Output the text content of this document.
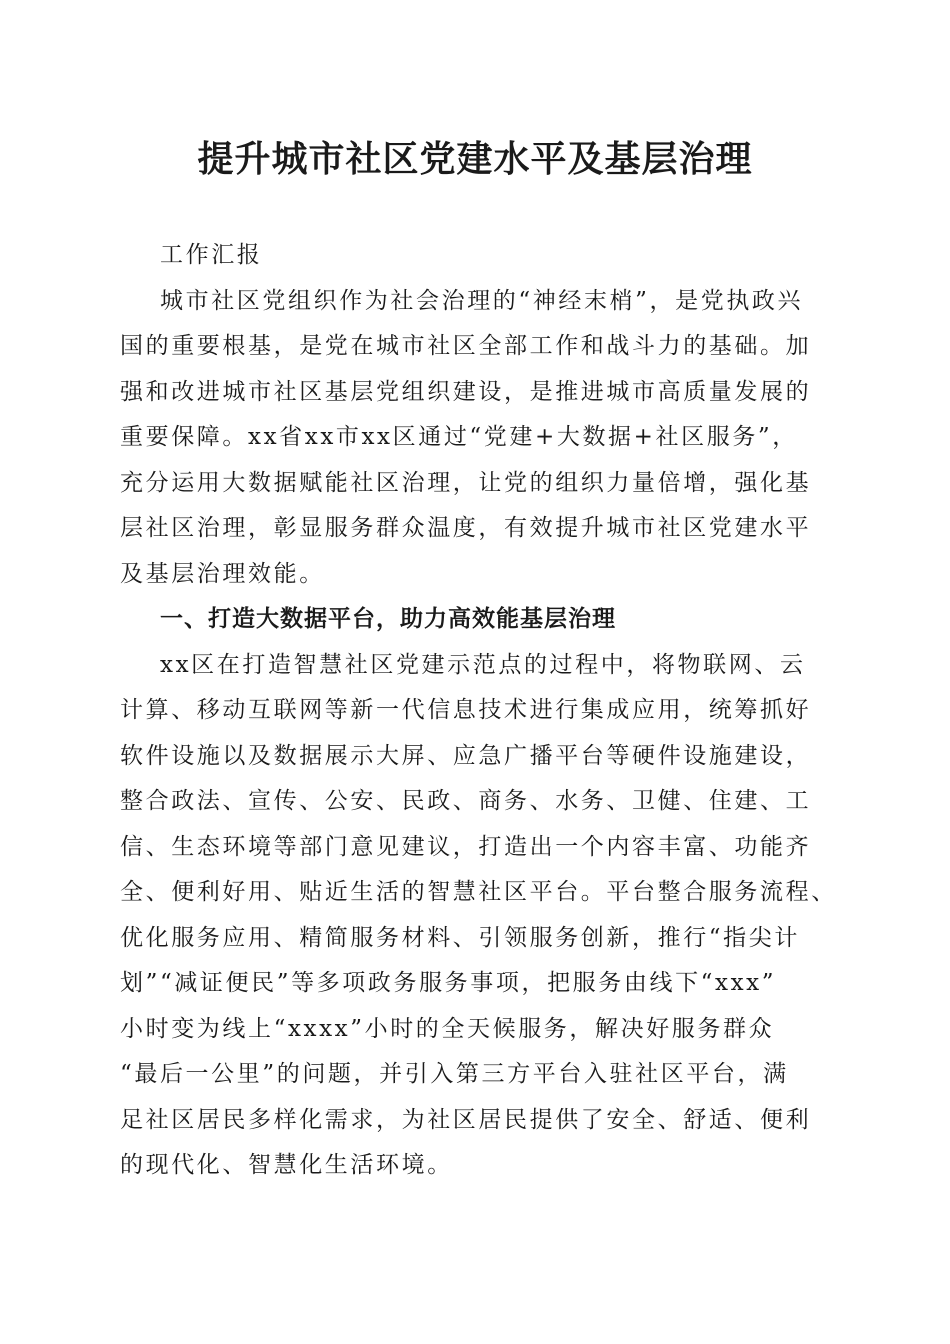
提升城市社区党建水平及基层治理

工作汇报

城市社区党组织作为社会治理的“神经末梢”，是党执政兴

国的重要根基，是党在城市社区全部工作和战斗力的基础。加

强和改进城市社区基层党组织建设，是推进城市高质量发展的

重要保障。xx省xx市xx区通过“党建+大数据+社区服务”，

充分运用大数据赋能社区治理，让党的组织力量倍增，强化基

层社区治理，彰显服务群众温度，有效提升城市社区党建水平

及基层治理效能。

一、打造大数据平台，助力高效能基层治理

xx区在打造智慧社区党建示范点的过程中，将物联网、云

计算、移动互联网等新一代信息技术进行集成应用，统筹抓好

软件设施以及数据展示大屏、应急广播平台等硬件设施建设，

整合政法、宣传、公安、民政、商务、水务、卫健、住建、工

信、生态环境等部门意见建议，打造出一个内容丰富、功能齐

全、便利好用、贴近生活的智慧社区平台。平台整合服务流程、

优化服务应用、精简服务材料、引领服务创新，推行“指尖计

划”“减证便民”等多项政务服务事项，把服务由线下“xxx”

小时变为线上“xxxx”小时的全天候服务，解决好服务群众

“最后一公里”的问题，并引入第三方平台入驻社区平台，满

足社区居民多样化需求，为社区居民提供了安全、舒适、便利

的现代化、智慧化生活环境。
